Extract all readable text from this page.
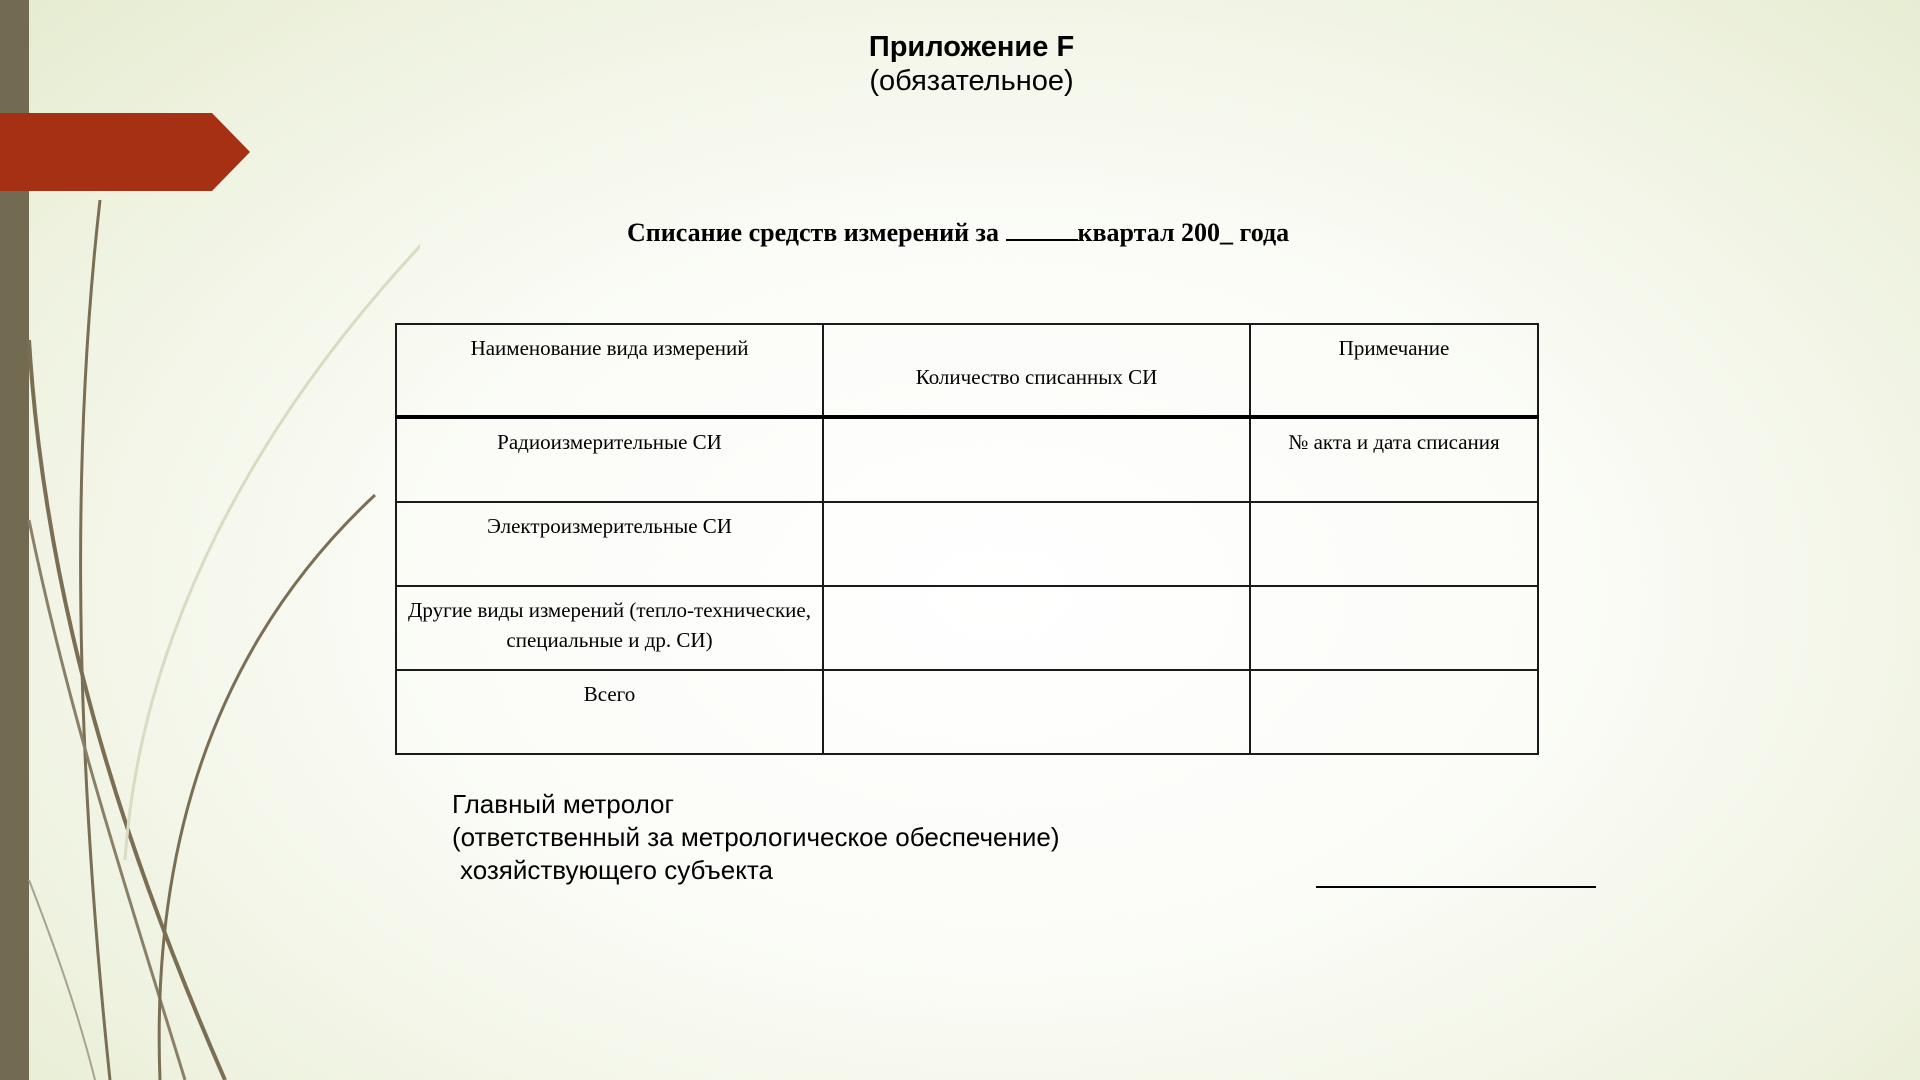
Приложение F
(обязательное)
Списание средств измерений за	квартал 200_ года
Наименование вида измерений	Количество списанных СИ	Примечание
Радиоизмерительные СИ		№ акта и дата списания
Электроизмерительные СИ		
Другие виды измерений (тепло-технические, специальные и др. СИ)		
Всего		
Главный метролог
(ответственный за метрологическое обеспечение)
хозяйствующего субъекта
